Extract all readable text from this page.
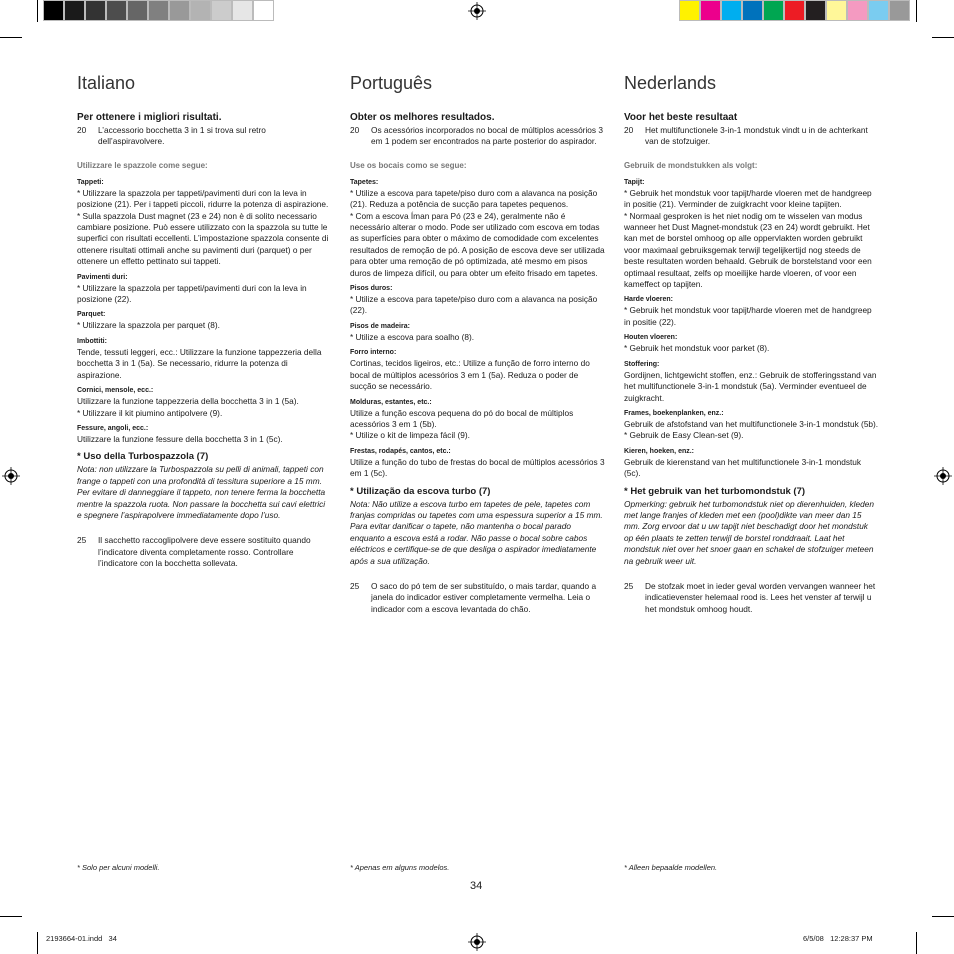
Italiano
Per ottenere i migliori risultati.
20	L’accessorio bocchetta 3 in 1 si trova sul retro dell’aspiravolvere.
Utilizzare le spazzole come segue:
Tappeti:

* Utilizzare la spazzola per tappeti/pavimenti duri con la leva in posizione (21). Per i tappeti piccoli, ridurre la potenza di aspirazione.
* Sulla spazzola Dust magnet (23 e 24) non è di solito necessario cambiare posizione. Può essere utilizzato con la spazzola su tutte le superfici con risultati eccellenti. L’impostazione spazzola consente di ottenere risultati ottimali anche su pavimenti duri (parquet) o per ottenere un effetto pettinato sui tappeti.

Pavimenti duri:

* Utilizzare la spazzola per tappeti/pavimenti duri con la leva in posizione (22).

Parquet:

* Utilizzare la spazzola per parquet (8).

Imbottiti:

Tende, tessuti leggeri, ecc.: Utilizzare la funzione tappezzeria della bocchetta 3 in 1 (5a). Se necessario, ridurre la potenza di aspirazione.

Cornici, mensole, ecc.:

Utilizzare la funzione tappezzeria della bocchetta 3 in 1 (5a).
* Utilizzare il kit piumino antipolvere (9).

Fessure, angoli, ecc.:

Utilizzare la funzione fessure della bocchetta 3 in 1 (5c).

* Uso della Turbospazzola (7)

Nota: non utilizzare la Turbospazzola su pelli di animali, tappeti con frange o tappeti con una profondità di tessitura superiore a 15 mm. Per evitare di danneggiare il tappeto, non tenere ferma la bocchetta mentre la spazzola ruota. Non passare la bocchetta sui cavi elettrici e spegnere l’aspirapolvere immediatamente dopo l’uso.

25	Il sacchetto raccoglipolvere deve essere sostituito quando l’indicatore diventa completamente rosso. Controllare l’indicatore con la bocchetta sollevata.
Português
Obter os melhores resultados.
20	Os acessórios incorporados no bocal de múltiplos acessórios 3 em 1 podem ser encontrados na parte posterior do aspirador.
Use os bocais como se segue:
Tapetes:

* Utilize a escova para tapete/piso duro com a alavanca na posição (21). Reduza a potência de sucção para tapetes pequenos.
* Com a escova Íman para Pó (23 e 24), geralmente não é necessário alterar o modo. Pode ser utilizado com escova em todas as superfícies para obter o máximo de comodidade com excelentes resultados de remoção de pó. A posição de escova deve ser utilizada para obter uma remoção de pó optimizada, até mesmo em pisos duros de limpeza difícil, ou para obter um efeito frisado em tapetes.

Pisos duros:

* Utilize a escova para tapete/piso duro com a alavanca na posição (22).

Pisos de madeira:

* Utilize a escova para soalho (8).

Forro interno:

Cortinas, tecidos ligeiros, etc.: Utilize a função de forro interno do bocal de múltiplos acessórios 3 em 1 (5a). Reduza o poder de sucção se necessário.

Molduras, estantes, etc.:

Utilize a função escova pequena do pó do bocal de múltiplos acessórios 3 em 1 (5b).
* Utilize o kit de limpeza fácil (9).

Frestas, rodapés, cantos, etc.:

Utilize a função do tubo de frestas do bocal de múltiplos acessórios 3 em 1 (5c).

* Utilização da escova turbo (7)

Nota: Não utilize a escova turbo em tapetes de pele, tapetes com franjas compridas ou tapetes com uma espessura superior a 15 mm. Para evitar danificar o tapete, não mantenha o bocal parado enquanto a escova está a rodar. Não passe o bocal sobre cabos eléctricos e certifique-se de que desliga o aspirador imediatamente após a sua utilização.

25	O saco do pó tem de ser substituído, o mais tardar, quando a janela do indicador estiver completamente vermelha. Leia o indicador com a escova levantada do chão.
Nederlands
Voor het beste resultaat
20	Het multifunctionele 3-in-1 mondstuk vindt u in de achterkant van de stofzuiger.
Gebruik de mondstukken als volgt:
Tapijt:

* Gebruik het mondstuk voor tapijt/harde vloeren met de handgreep in positie (21). Verminder de zuigkracht voor kleine tapijten.
* Normaal gesproken is het niet nodig om te wisselen van modus wanneer het Dust Magnet-mondstuk (23 en 24) wordt gebruikt. Het kan met de borstel omhoog op alle oppervlakten worden gebruikt voor maximaal gebruiksgemak terwijl tegelijkertijd nog steeds de beste resultaten worden behaald. Gebruik de borstelstand voor een optimaal resultaat, zelfs op moeilijke harde vloeren, of voor een kameffect op tapijten.

Harde vloeren:

* Gebruik het mondstuk voor tapijt/harde vloeren met de handgreep in positie (22).

Houten vloeren:

* Gebruik het mondstuk voor parket (8).

Stoffering:

Gordijnen, lichtgewicht stoffen, enz.: Gebruik de stofferingsstand van het multifunctionele 3-in-1 mondstuk (5a). Verminder eventueel de zuigkracht.

Frames, boekenplanken, enz.:

Gebruik de afstofstand van het multifunctionele 3-in-1 mondstuk (5b).
* Gebruik de Easy Clean-set (9).

Kieren, hoeken, enz.:

Gebruik de kierenstand van het multifunctionele 3-in-1 mondstuk (5c).

* Het gebruik van het turbomondstuk (7)

Opmerking: gebruik het turbomondstuk niet op dierenhuiden, kleden met lange franjes of kleden met een (pool)dikte van meer dan 15 mm. Zorg ervoor dat u uw tapijt niet beschadigt door het mondstuk op één plaats te zetten terwijl de borstel ronddraait. Laat het mondstuk niet over het snoer gaan en schakel de stofzuiger meteen na gebruik weer uit.

25	De stofzak moet in ieder geval worden vervangen wanneer het indicatievenster helemaal rood is. Lees het venster af terwijl u het mondstuk omhoog houdt.
* Solo per alcuni modelli.	* Apenas em alguns modelos.	* Alleen bepaalde modellen.
34
2193664-01.indd   34	6/5/08   12:28:37 PM
